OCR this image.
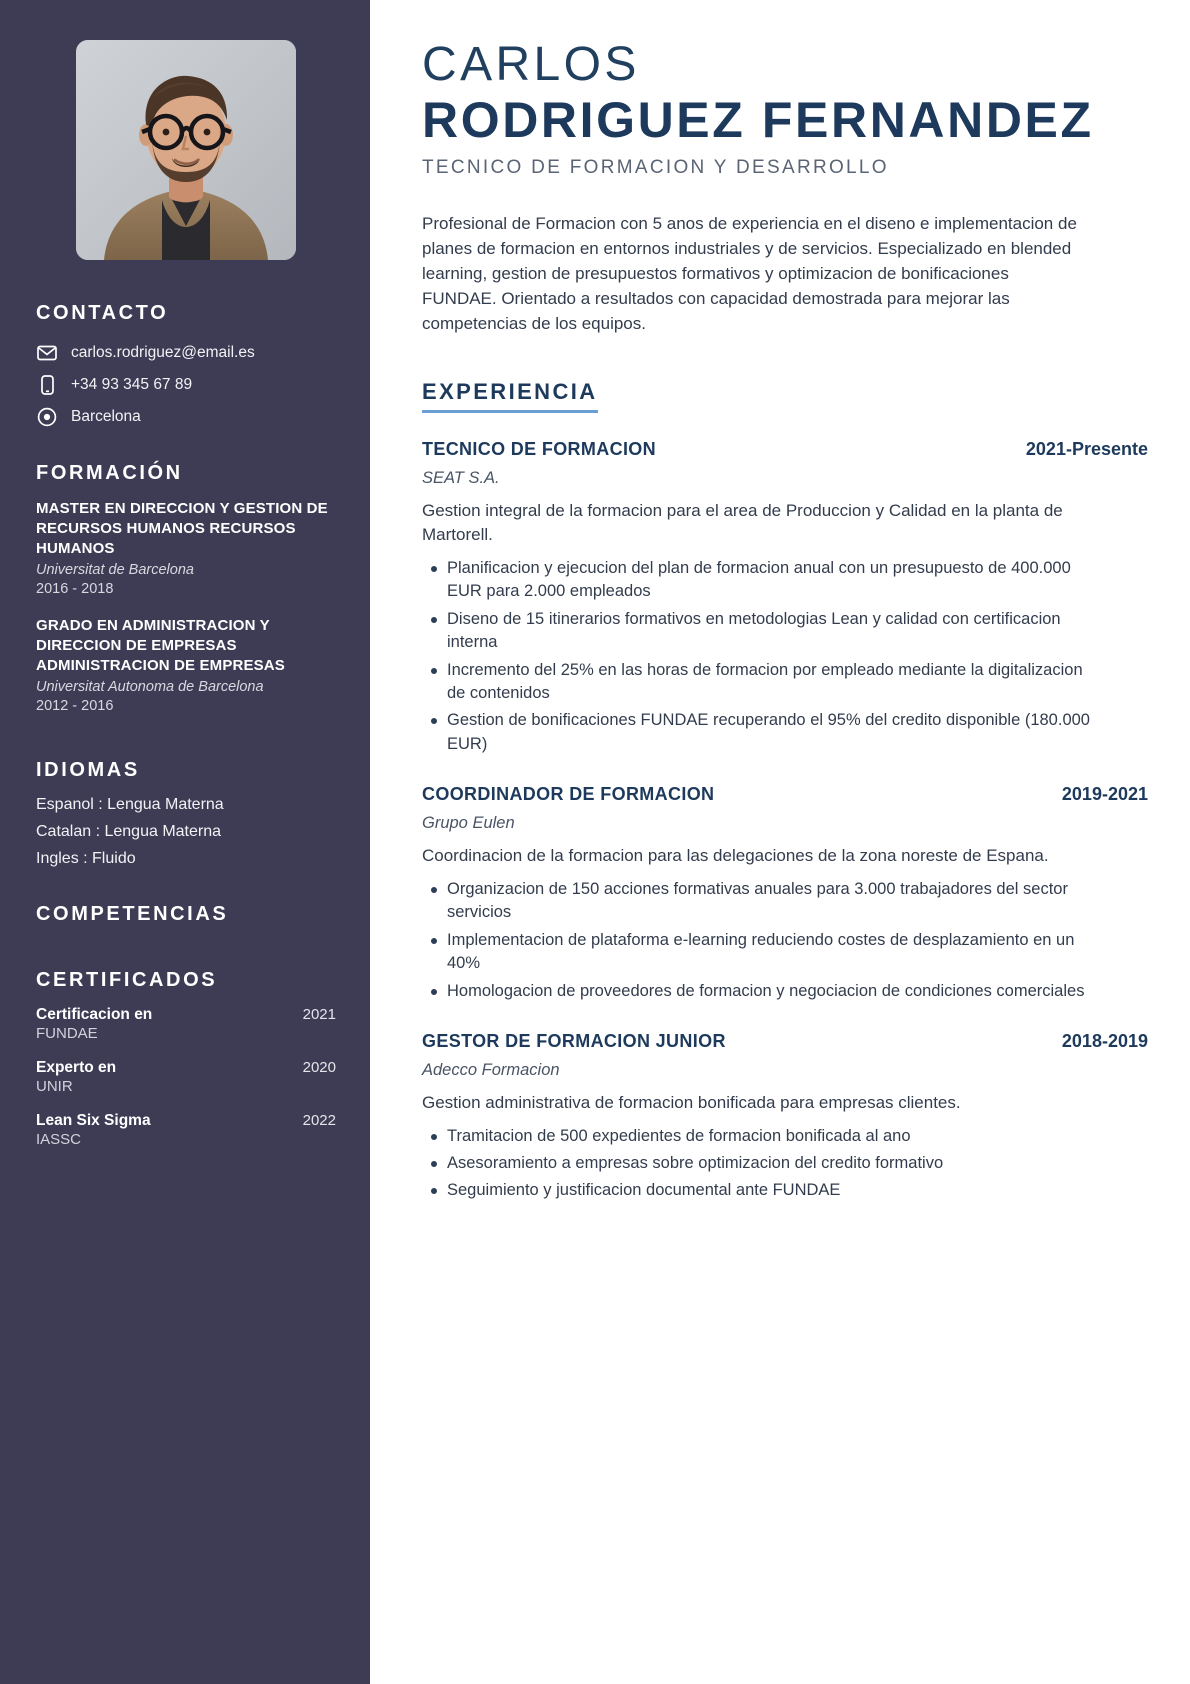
CONTACTO
carlos.rodriguez@email.es
+34 93 345 67 89
Barcelona
FORMACIÓN
MASTER EN DIRECCION Y GESTION DE RECURSOS HUMANOS RECURSOS HUMANOS
Universitat de Barcelona
2016 - 2018
GRADO EN ADMINISTRACION Y DIRECCION DE EMPRESAS ADMINISTRACION DE EMPRESAS
Universitat Autonoma de Barcelona
2012 - 2016
IDIOMAS
Espanol : Lengua Materna
Catalan : Lengua Materna
Ingles : Fluido
COMPETENCIAS
CERTIFICADOS
Certificacion en	2021
FUNDAE
Experto en	2020
UNIR
Lean Six Sigma	2022
IASSC
CARLOS
RODRIGUEZ FERNANDEZ
TECNICO DE FORMACION Y DESARROLLO

Profesional de Formacion con 5 anos de experiencia en el diseno e implementacion de planes de formacion en entornos industriales y de servicios. Especializado en blended learning, gestion de presupuestos formativos y optimizacion de bonificaciones FUNDAE. Orientado a resultados con capacidad demostrada para mejorar las competencias de los equipos.

EXPERIENCIA
TECNICO DE FORMACION	2021-Presente
SEAT S.A.
Gestion integral de la formacion para el area de Produccion y Calidad en la planta de Martorell.
Planificacion y ejecucion del plan de formacion anual con un presupuesto de 400.000 EUR para 2.000 empleados
Diseno de 15 itinerarios formativos en metodologias Lean y calidad con certificacion interna
Incremento del 25% en las horas de formacion por empleado mediante la digitalizacion de contenidos
Gestion de bonificaciones FUNDAE recuperando el 95% del credito disponible (180.000 EUR)
COORDINADOR DE FORMACION	2019-2021
Grupo Eulen
Coordinacion de la formacion para las delegaciones de la zona noreste de Espana.
Organizacion de 150 acciones formativas anuales para 3.000 trabajadores del sector servicios
Implementacion de plataforma e-learning reduciendo costes de desplazamiento en un 40%
Homologacion de proveedores de formacion y negociacion de condiciones comerciales
GESTOR DE FORMACION JUNIOR	2018-2019
Adecco Formacion
Gestion administrativa de formacion bonificada para empresas clientes.
Tramitacion de 500 expedientes de formacion bonificada al ano
Asesoramiento a empresas sobre optimizacion del credito formativo
Seguimiento y justificacion documental ante FUNDAE
